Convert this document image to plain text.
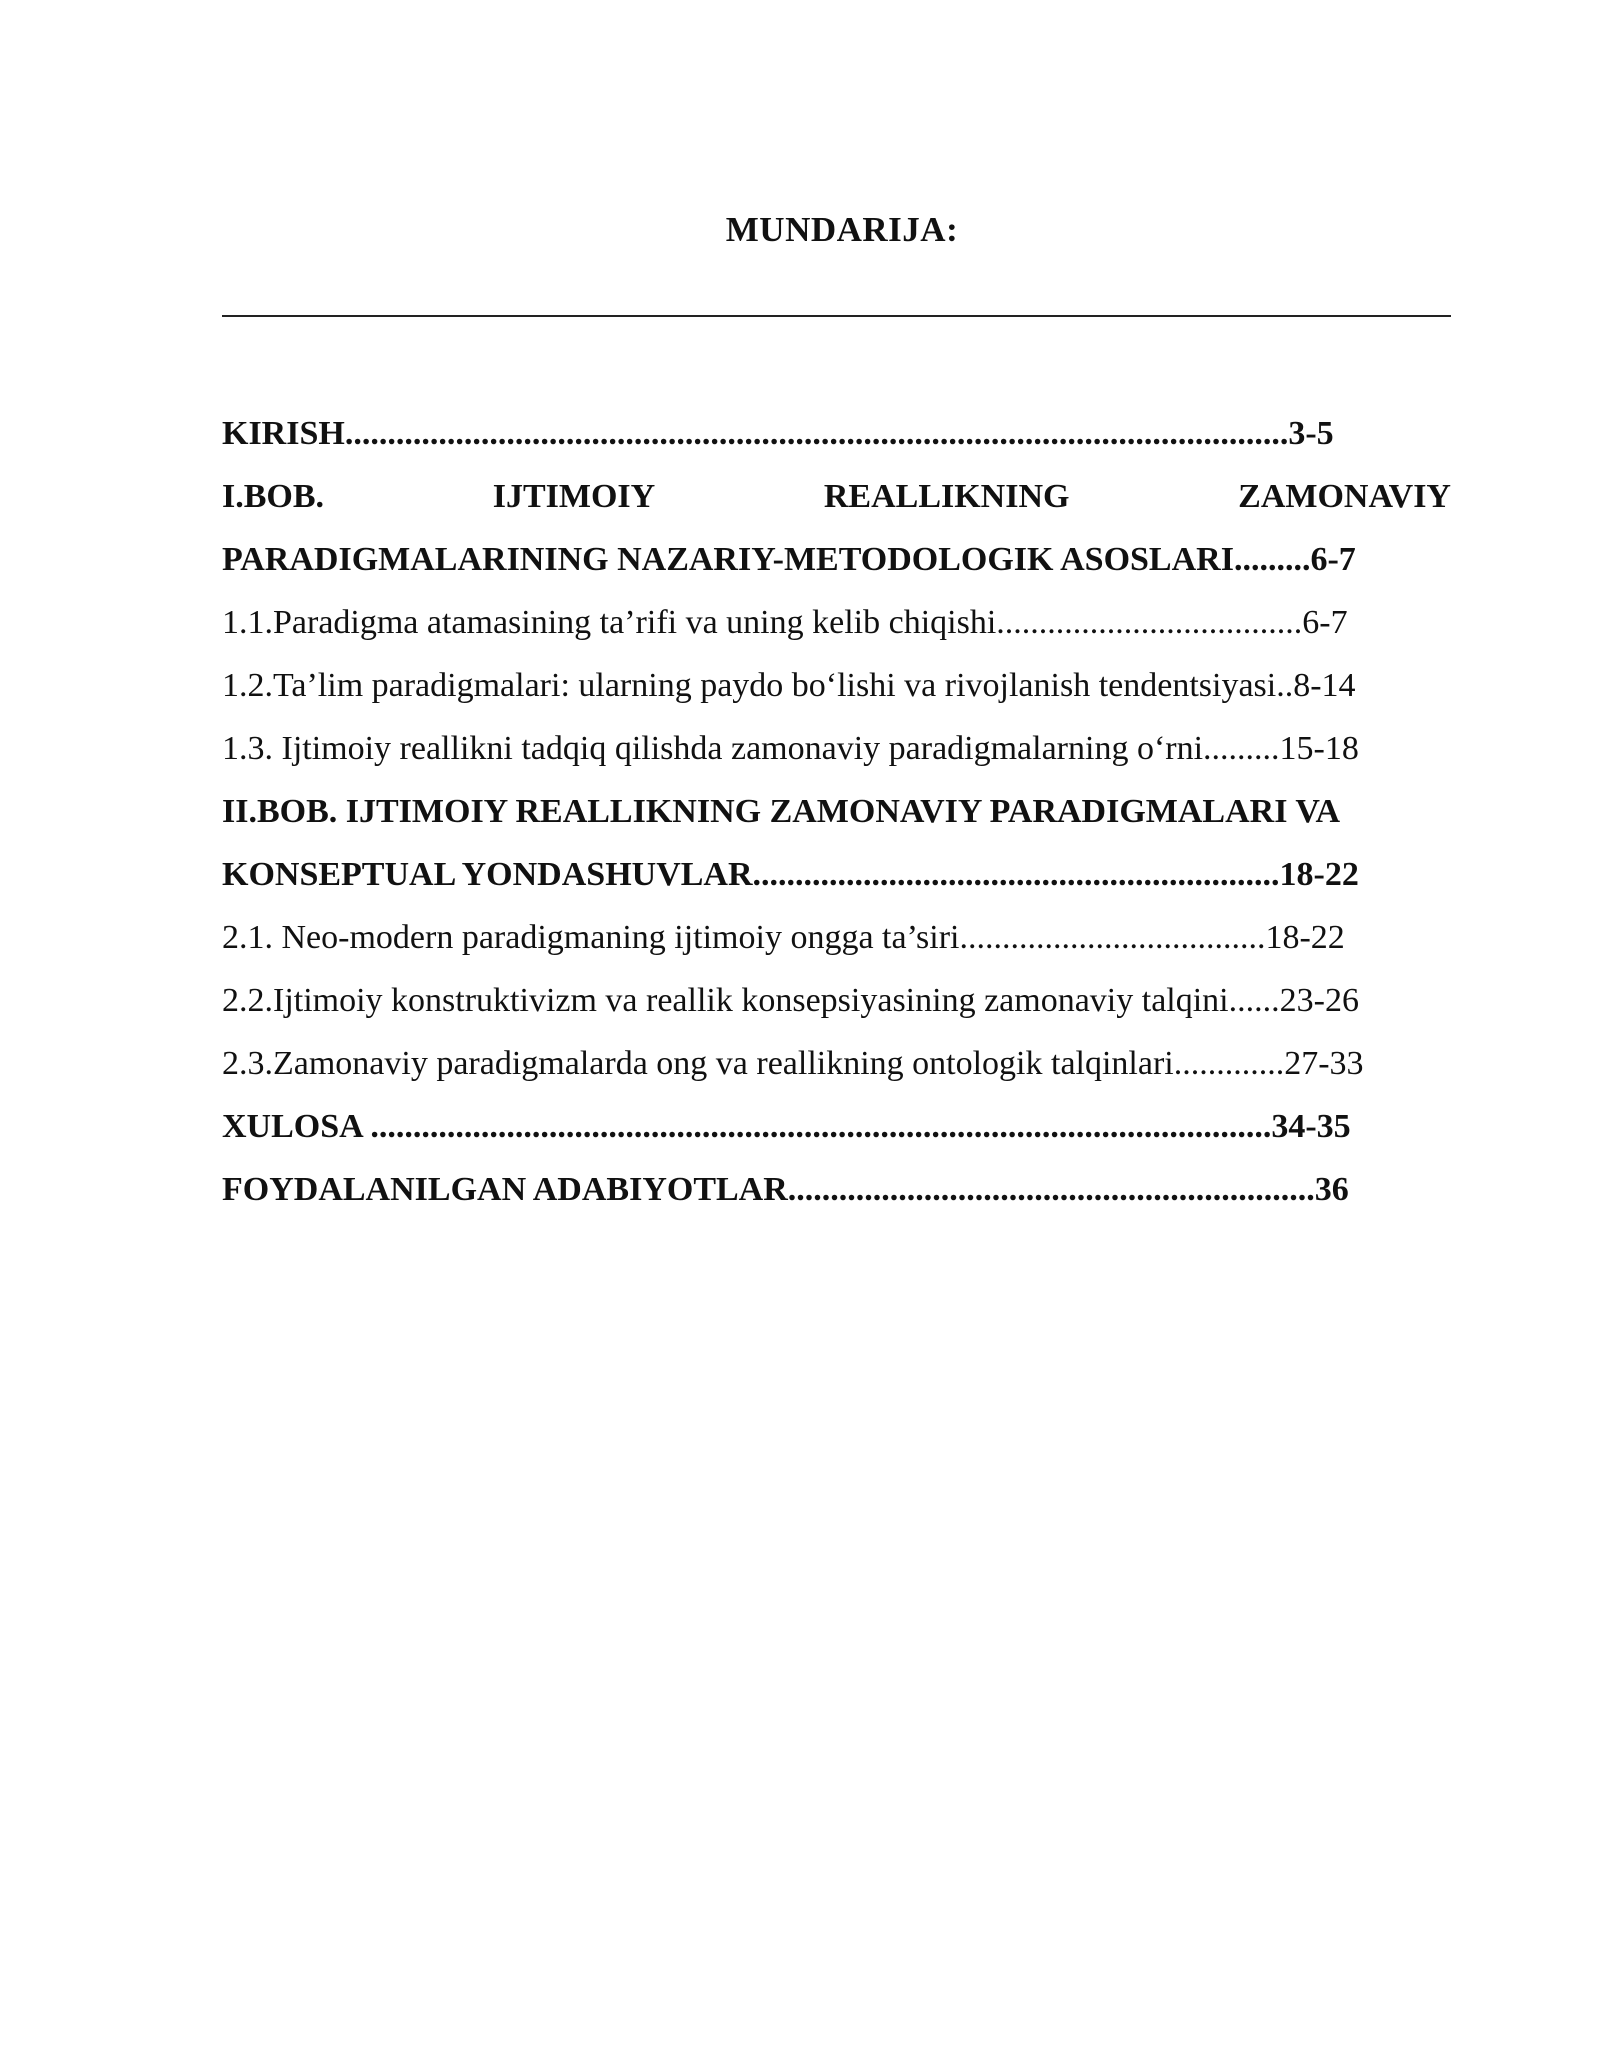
MUNDARIJA:
KIRISH...............................................................................................................3-5
I.BOB.	IJTIMOIY	REALLIKNING	ZAMONAVIY
PARADIGMALARINING NAZARIY-METODOLOGIK ASOSLARI.........6-7
1.1.Paradigma atamasining ta’rifi va uning kelib chiqishi....................................6-7
1.2.Ta’lim paradigmalari: ularning paydo bo‘lishi va rivojlanish tendentsiyasi..8-14
1.3. Ijtimoiy reallikni tadqiq qilishda zamonaviy paradigmalarning o‘rni.........15-18
II.BOB. IJTIMOIY REALLIKNING ZAMONAVIY PARADIGMALARI VA
KONSEPTUAL YONDASHUVLAR..............................................................18-22
2.1. Neo-modern paradigmaning ijtimoiy ongga ta’siri....................................18-22
2.2.Ijtimoiy konstruktivizm va reallik konsepsiyasining zamonaviy talqini......23-26
2.3.Zamonaviy paradigmalarda ong va reallikning ontologik talqinlari.............27-33
XULOSA ..........................................................................................................34-35
FOYDALANILGAN ADABIYOTLAR..............................................................36
